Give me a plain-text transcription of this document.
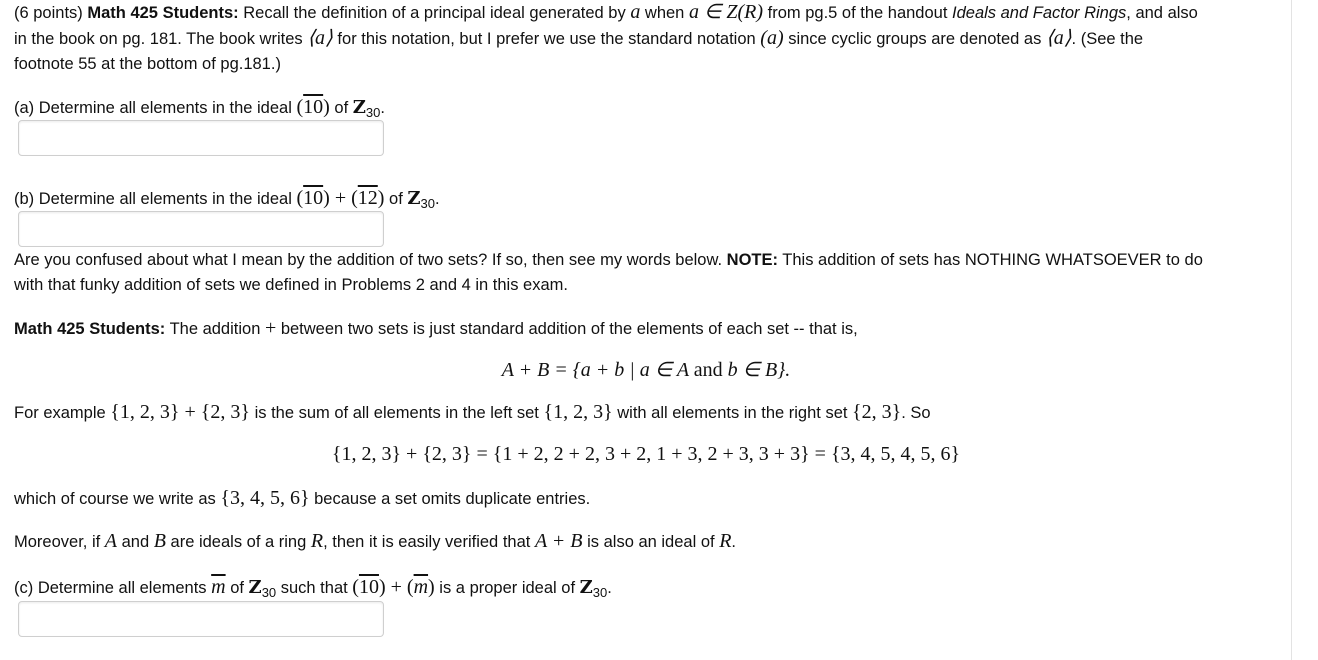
(6 points) Math 425 Students: Recall the definition of a principal ideal generated by a when a ∈ Z(R) from pg.5 of the handout Ideals and Factor Rings, and also
in the book on pg. 181. The book writes ⟨a⟩ for this notation, but I prefer we use the standard notation (a) since cyclic groups are denoted as ⟨a⟩. (See the
footnote 55 at the bottom of pg.181.)
(a) Determine all elements in the ideal (10) of $Z_{30}$.
(b) Determine all elements in the ideal (10) + (12) of $Z_{30}$.
Are you confused about what I mean by the addition of two sets? If so, then see my words below. NOTE: This addition of sets has NOTHING WHATSOEVER to do
with that funky addition of sets we defined in Problems 2 and 4 in this exam.
Math 425 Students: The addition + between two sets is just standard addition of the elements of each set -- that is,
A + B = {a + b | a ∈ A and b ∈ B}.
For example {1, 2, 3} + {2, 3} is the sum of all elements in the left set {1, 2, 3} with all elements in the right set {2, 3}. So
{1, 2, 3} + {2, 3} = {1 + 2, 2 + 2, 3 + 2, 1 + 3, 2 + 3, 3 + 3} = {3, 4, 5, 4, 5, 6}
which of course we write as {3, 4, 5, 6} because a set omits duplicate entries.
Moreover, if A and B are ideals of a ring R, then it is easily verified that A + B is also an ideal of R.
(c) Determine all elements $\overline{m}$ of $Z_{30}$ such that $(10) + (\overline{m})$ is a proper ideal of $Z_{30}$.
